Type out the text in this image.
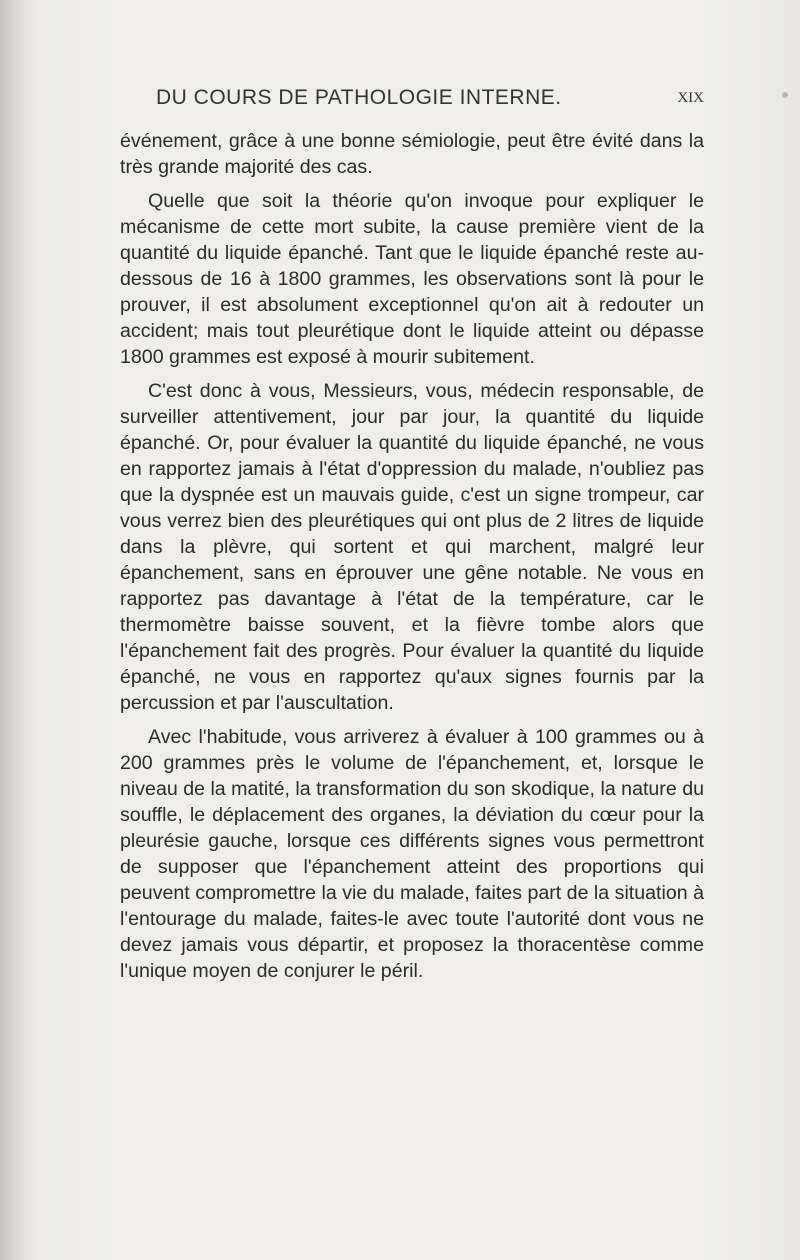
DU COURS DE PATHOLOGIE INTERNE.	XIX

événement, grâce à une bonne sémiologie, peut être évité dans la très grande majorité des cas.

Quelle que soit la théorie qu'on invoque pour expliquer le mécanisme de cette mort subite, la cause première vient de la quantité du liquide épanché. Tant que le liquide épanché reste au-dessous de 16 à 1800 grammes, les observations sont là pour le prouver, il est absolument exceptionnel qu'on ait à redouter un accident; mais tout pleurétique dont le liquide atteint ou dépasse 1800 grammes est exposé à mourir subitement.

C'est donc à vous, Messieurs, vous, médecin responsable, de surveiller attentivement, jour par jour, la quantité du liquide épanché. Or, pour évaluer la quantité du liquide épanché, ne vous en rapportez jamais à l'état d'oppression du malade, n'oubliez pas que la dyspnée est un mauvais guide, c'est un signe trompeur, car vous verrez bien des pleurétiques qui ont plus de 2 litres de liquide dans la plèvre, qui sortent et qui marchent, malgré leur épanchement, sans en éprouver une gêne notable. Ne vous en rapportez pas davantage à l'état de la température, car le thermomètre baisse souvent, et la fièvre tombe alors que l'épanchement fait des progrès. Pour évaluer la quantité du liquide épanché, ne vous en rapportez qu'aux signes fournis par la percussion et par l'auscultation.

Avec l'habitude, vous arriverez à évaluer à 100 grammes ou à 200 grammes près le volume de l'épanchement, et, lorsque le niveau de la matité, la transformation du son skodique, la nature du souffle, le déplacement des organes, la déviation du cœur pour la pleurésie gauche, lorsque ces différents signes vous permettront de supposer que l'épanchement atteint des proportions qui peuvent compromettre la vie du malade, faites part de la situation à l'entourage du malade, faites-le avec toute l'autorité dont vous ne devez jamais vous départir, et proposez la thoracentèse comme l'unique moyen de conjurer le péril.
